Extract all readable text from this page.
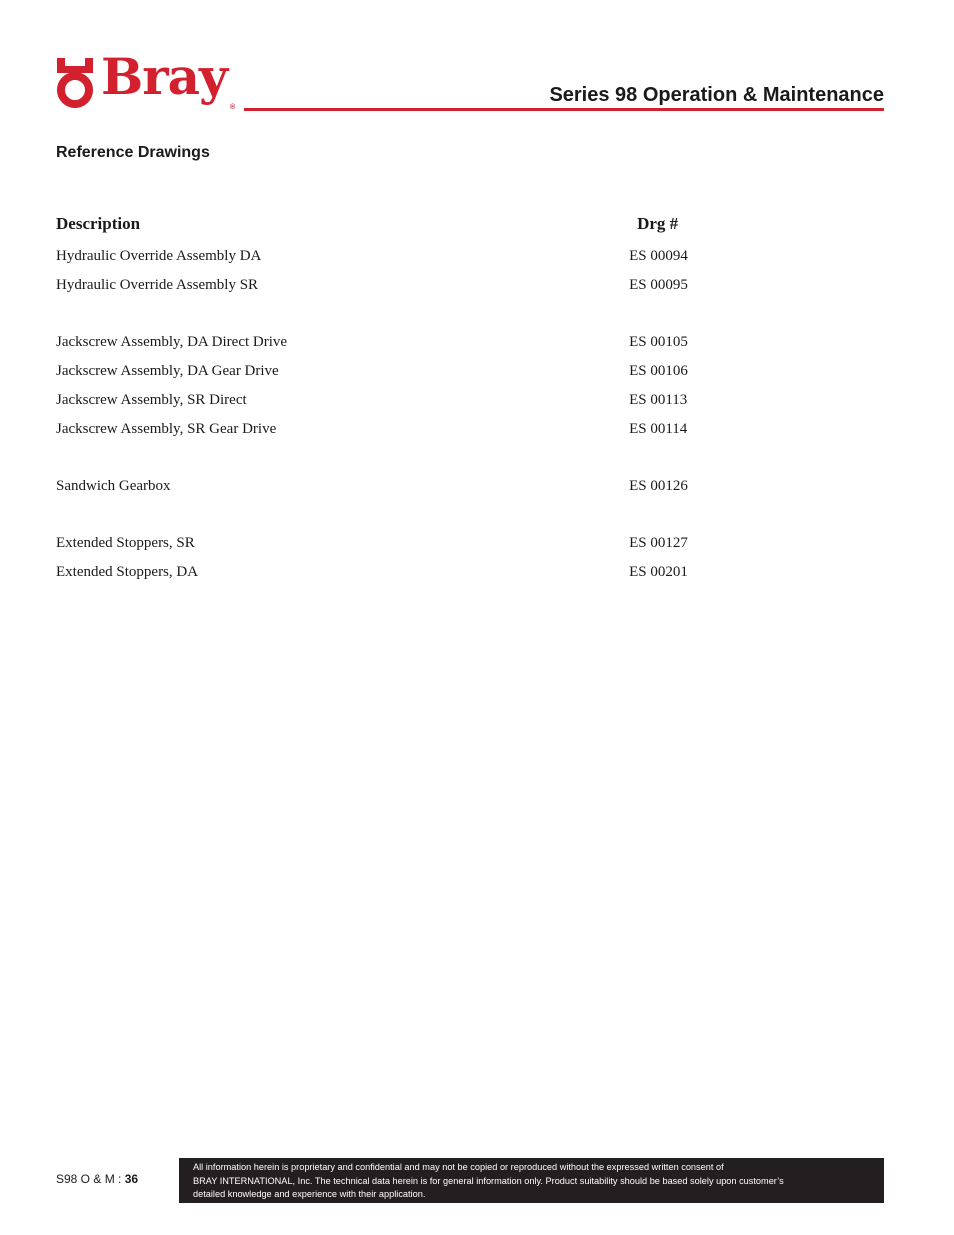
Bray
®
Series 98 Operation & Maintenance
Reference Drawings
Description	Drg #
Hydraulic Override Assembly DA	ES 00094
Hydraulic Override Assembly SR	ES 00095

Jackscrew Assembly, DA Direct Drive	ES 00105
Jackscrew Assembly, DA Gear Drive	ES 00106
Jackscrew Assembly, SR Direct	ES 00113
Jackscrew Assembly, SR Gear Drive	ES 00114

Sandwich Gearbox	ES 00126

Extended Stoppers, SR	ES 00127
Extended Stoppers, DA	ES 00201
S98 O & M : 36
All information herein is proprietary and confidential and may not be copied or reproduced without the expressed written consent of
BRAY INTERNATIONAL, Inc. The technical data herein is for general information only. Product suitability should be based solely upon customer’s
detailed knowledge and experience with their application.
